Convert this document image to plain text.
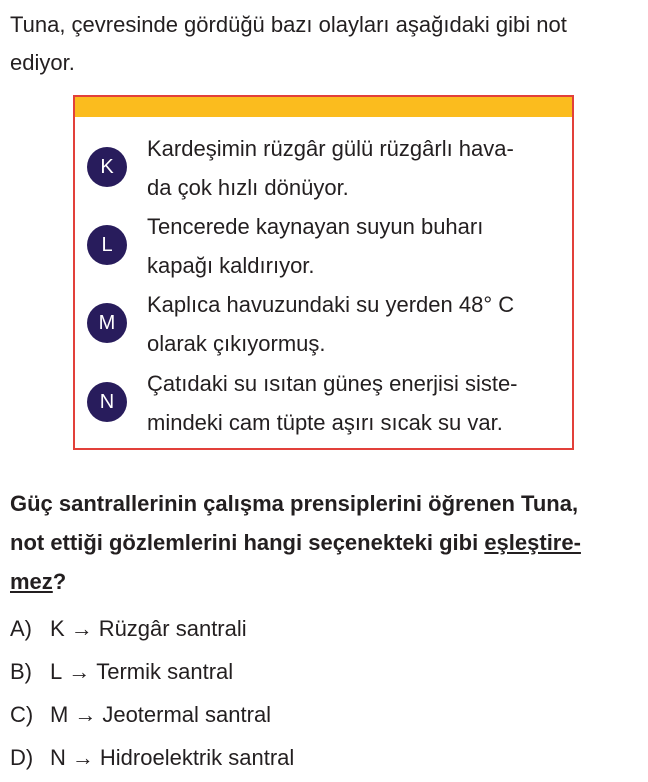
Tuna, çevresinde gördüğü bazı olayları aşağıdaki gibi not
ediyor.
K
Kardeşimin rüzgâr gülü rüzgârlı hava-
da çok hızlı dönüyor.
L
Tencerede kaynayan suyun buharı
kapağı kaldırıyor.
M
Kaplıca havuzundaki su yerden 48° C
olarak çıkıyormuş.
N
Çatıdaki su ısıtan güneş enerjisi siste-
mindeki cam tüpte aşırı sıcak su var.
Güç santrallerinin çalışma prensiplerini öğrenen Tuna,
not ettiği gözlemlerini hangi seçenekteki gibi eşleştire-
mez?
A) K → Rüzgâr santrali
B) L → Termik santral
C) M → Jeotermal santral
D) N → Hidroelektrik santral
